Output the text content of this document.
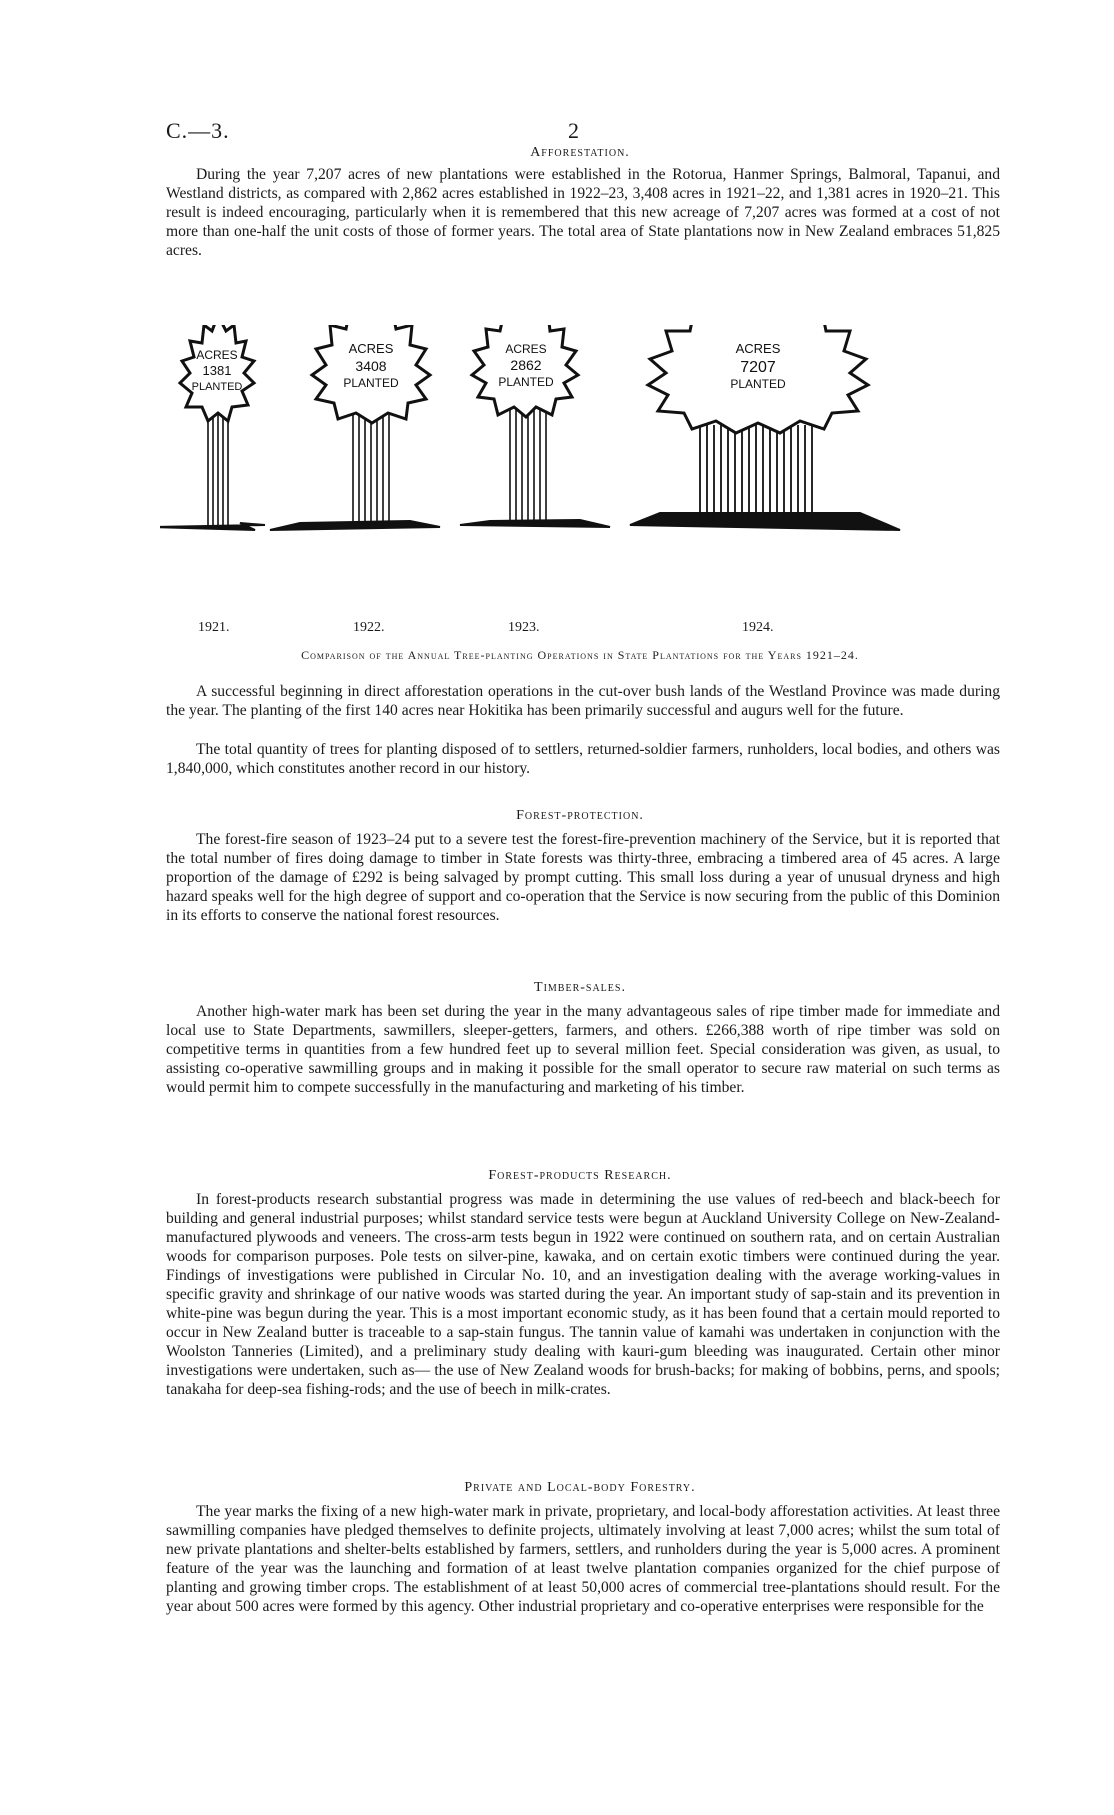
C.—3.	2
Afforestation.

During the year 7,207 acres of new plantations were established in the Rotorua, Hanmer Springs, Balmoral, Tapanui, and Westland districts, as compared with 2,862 acres established in 1922–23, 3,408 acres in 1921–22, and 1,381 acres in 1920–21. This result is indeed encouraging, particularly when it is remembered that this new acreage of 7,207 acres was formed at a cost of not more than one-half the unit costs of those of former years. The total area of State plantations now in New Zealand embraces 51,825 acres.

ACRES
1381
PLANTED
ACRES
3408
PLANTED
ACRES
2862
PLANTED
ACRES
7207
PLANTED
1921.	1922.	1923.	1924.
Comparison of the Annual Tree-planting Operations in State Plantations for the Years 1921–24.

A successful beginning in direct afforestation operations in the cut-over bush lands of the Westland Province was made during the year. The planting of the first 140 acres near Hokitika has been primarily successful and augurs well for the future.

The total quantity of trees for planting disposed of to settlers, returned-soldier farmers, runholders, local bodies, and others was 1,840,000, which constitutes another record in our history.

Forest-protection.

The forest-fire season of 1923–24 put to a severe test the forest-fire-prevention machinery of the Service, but it is reported that the total number of fires doing damage to timber in State forests was thirty-three, embracing a timbered area of 45 acres. A large proportion of the damage of £292 is being salvaged by prompt cutting. This small loss during a year of unusual dryness and high hazard speaks well for the high degree of support and co-operation that the Service is now securing from the public of this Dominion in its efforts to conserve the national forest resources.

Timber-sales.

Another high-water mark has been set during the year in the many advantageous sales of ripe timber made for immediate and local use to State Departments, sawmillers, sleeper-getters, farmers, and others. £266,388 worth of ripe timber was sold on competitive terms in quantities from a few hundred feet up to several million feet. Special consideration was given, as usual, to assisting co-operative sawmilling groups and in making it possible for the small operator to secure raw material on such terms as would permit him to compete successfully in the manufacturing and marketing of his timber.

Forest-products Research.

In forest-products research substantial progress was made in determining the use values of red-beech and black-beech for building and general industrial purposes; whilst standard service tests were begun at Auckland University College on New-Zealand-manufactured plywoods and veneers. The cross-arm tests begun in 1922 were continued on southern rata, and on certain Australian woods for comparison purposes. Pole tests on silver-pine, kawaka, and on certain exotic timbers were continued during the year. Findings of investigations were published in Circular No. 10, and an investigation dealing with the average working-values in specific gravity and shrinkage of our native woods was started during the year. An important study of sap-stain and its prevention in white-pine was begun during the year. This is a most important economic study, as it has been found that a certain mould reported to occur in New Zealand butter is traceable to a sap-stain fungus. The tannin value of kamahi was undertaken in conjunction with the Woolston Tanneries (Limited), and a preliminary study dealing with kauri-gum bleeding was inaugurated. Certain other minor investigations were undertaken, such as— the use of New Zealand woods for brush-backs; for making of bobbins, perns, and spools; tanakaha for deep-sea fishing-rods; and the use of beech in milk-crates.

Private and Local-body Forestry.

The year marks the fixing of a new high-water mark in private, proprietary, and local-body afforestation activities. At least three sawmilling companies have pledged themselves to definite projects, ultimately involving at least 7,000 acres; whilst the sum total of new private plantations and shelter-belts established by farmers, settlers, and runholders during the year is 5,000 acres. A prominent feature of the year was the launching and formation of at least twelve plantation companies organized for the chief purpose of planting and growing timber crops. The establishment of at least 50,000 acres of commercial tree-plantations should result. For the year about 500 acres were formed by this agency. Other industrial proprietary and co-operative enterprises were responsible for the
